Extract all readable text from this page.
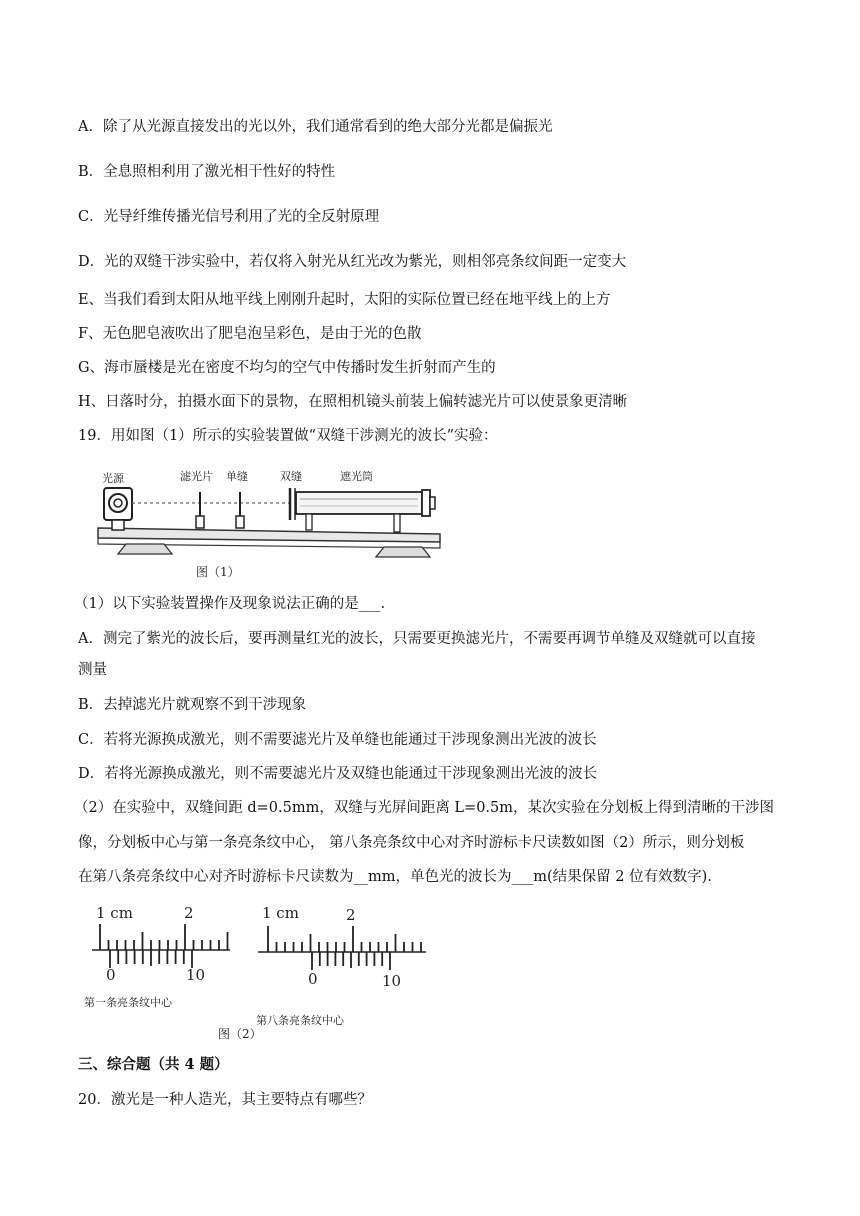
A．除了从光源直接发出的光以外，我们通常看到的绝大部分光都是偏振光
B．全息照相利用了激光相干性好的特性
C．光导纤维传播光信号利用了光的全反射原理
D．光的双缝干涉实验中，若仅将入射光从红光改为紫光，则相邻亮条纹间距一定变大
E、当我们看到太阳从地平线上刚刚升起时，太阳的实际位置已经在地平线上的上方
F、无色肥皂液吹出了肥皂泡呈彩色，是由于光的色散
G、海市蜃楼是光在密度不均匀的空气中传播时发生折射而产生的
H、日落时分，拍摄水面下的景物，在照相机镜头前装上偏转滤光片可以使景象更清晰
19．用如图（1）所示的实验装置做“双缝干涉测光的波长”实验：
光源	滤光片 单缝	双缝	遮光筒
图（1）
（1）以下实验装置操作及现象说法正确的是___.
A．测完了紫光的波长后，要再测量红光的波长，只需要更换滤光片，不需要再调节单缝及双缝就可以直接
测量
B．去掉滤光片就观察不到干涉现象
C．若将光源换成激光，则不需要滤光片及单缝也能通过干涉现象测出光波的波长
D．若将光源换成激光，则不需要滤光片及双缝也能通过干涉现象测出光波的波长
（2）在实验中，双缝间距 d=0.5mm，双缝与光屏间距离 L=0.5m，某次实验在分划板上得到清晰的干涉图
像，分划板中心与第一条亮条纹中心， 第八条亮条纹中心对齐时游标卡尺读数如图（2）所示，则分划板
在第八条亮条纹中心对齐时游标卡尺读数为__mm，单色光的波长为___m(结果保留 2 位有效数字).
1 cm	2
0	10
第一条亮条纹中心
1 cm	2
0	10
第八条亮条纹中心
图（2）
三、综合题（共 4 题）
20．激光是一种人造光，其主要特点有哪些？
